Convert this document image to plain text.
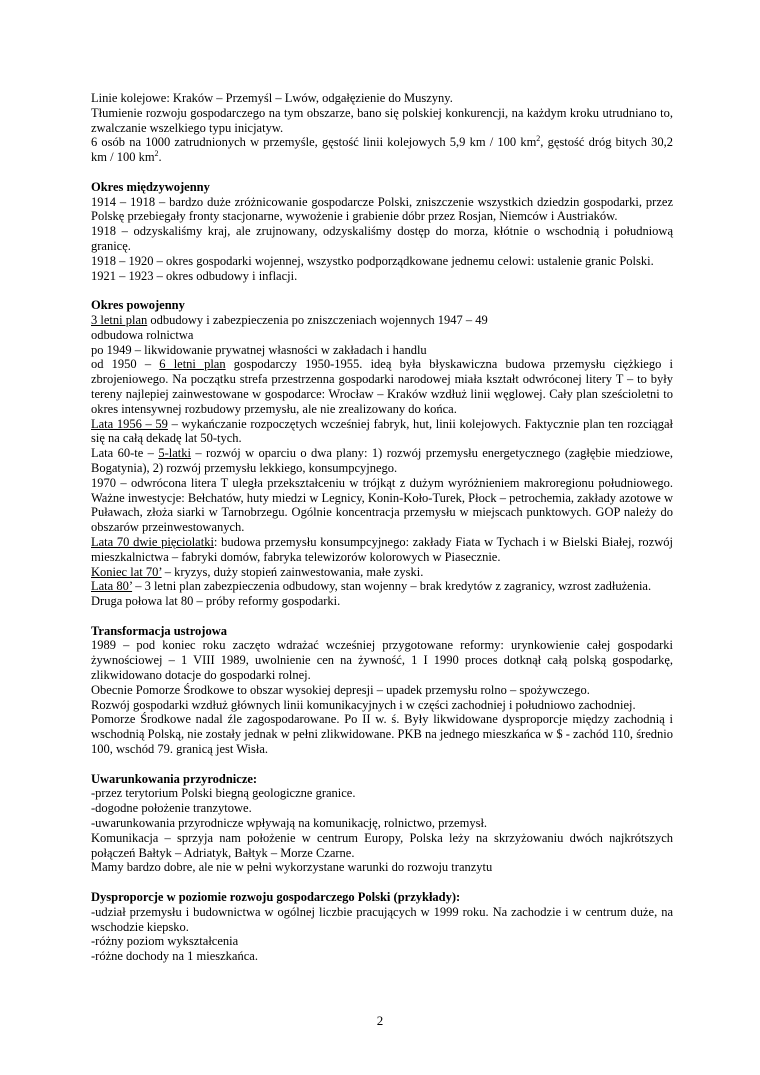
Linie kolejowe: Kraków – Przemyśl – Lwów, odgałęzienie do Muszyny.

Tłumienie rozwoju gospodarczego na tym obszarze, bano się polskiej konkurencji, na każdym kroku utrudniano to, zwalczanie wszelkiego typu inicjatyw.

6 osób na 1000 zatrudnionych w przemyśle, gęstość linii kolejowych 5,9 km / 100 $km^2$, gęstość dróg bitych 30,2 km / 100 $km^2$.

Okres międzywojenny

1914 – 1918 – bardzo duże zróżnicowanie gospodarcze Polski, zniszczenie wszystkich dziedzin gospodarki, przez Polskę przebiegały fronty stacjonarne, wywożenie i grabienie dóbr przez Rosjan, Niemców i Austriaków.

1918 – odzyskaliśmy kraj, ale zrujnowany, odzyskaliśmy dostęp do morza, kłótnie o wschodnią i południową granicę.

1918 – 1920 – okres gospodarki wojennej, wszystko podporządkowane jednemu celowi: ustalenie granic Polski.

1921 – 1923 – okres odbudowy i inflacji.

Okres powojenny

3 letni plan odbudowy i zabezpieczenia po zniszczeniach wojennych 1947 – 49

odbudowa rolnictwa

po 1949 – likwidowanie prywatnej własności w zakładach i handlu

od 1950 – 6 letni plan gospodarczy 1950-1955. ideą była błyskawiczna budowa przemysłu ciężkiego i zbrojeniowego. Na początku strefa przestrzenna gospodarki narodowej miała kształt odwróconej litery T – to były tereny najlepiej zainwestowane w gospodarce: Wrocław – Kraków wzdłuż linii węglowej. Cały plan sześcioletni to okres intensywnej rozbudowy przemysłu, ale nie zrealizowany do końca.

Lata 1956 – 59 – wykańczanie rozpoczętych wcześniej fabryk, hut, linii kolejowych. Faktycznie plan ten rozciągał się na całą dekadę lat 50-tych.

Lata 60-te – 5-latki – rozwój w oparciu o dwa plany: 1) rozwój przemysłu energetycznego (zagłębie miedziowe, Bogatynia), 2) rozwój przemysłu lekkiego, konsumpcyjnego.

1970 – odwrócona litera T uległa przekształceniu w trójkąt z dużym wyróżnieniem makroregionu południowego. Ważne inwestycje: Bełchatów, huty miedzi w Legnicy, Konin-Koło-Turek, Płock – petrochemia, zakłady azotowe w Puławach, złoża siarki w Tarnobrzegu. Ogólnie koncentracja przemysłu w miejscach punktowych. GOP należy do obszarów przeinwestowanych.

Lata 70 dwie pięciolatki: budowa przemysłu konsumpcyjnego: zakłady Fiata w Tychach i w Bielski Białej, rozwój mieszkalnictwa – fabryki domów, fabryka telewizorów kolorowych w Piasecznie.

Koniec lat 70’ – kryzys, duży stopień zainwestowania, małe zyski.

Lata 80’ – 3 letni plan zabezpieczenia odbudowy, stan wojenny – brak kredytów z zagranicy, wzrost zadłużenia.

Druga połowa lat 80 – próby reformy gospodarki.

Transformacja ustrojowa

1989 – pod koniec roku zaczęto wdrażać wcześniej przygotowane reformy: urynkowienie całej gospodarki żywnościowej – 1 VIII 1989, uwolnienie cen na żywność, 1 I 1990 proces dotknął całą polską gospodarkę, zlikwidowano dotacje do gospodarki rolnej.

Obecnie Pomorze Środkowe to obszar wysokiej depresji – upadek przemysłu rolno – spożywczego.

Rozwój gospodarki wzdłuż głównych linii komunikacyjnych i w części zachodniej i południowo zachodniej.

Pomorze Środkowe nadal źle zagospodarowane. Po II w. ś. Były likwidowane dysproporcje między zachodnią i wschodnią Polską, nie zostały jednak w pełni zlikwidowane. PKB na jednego mieszkańca w $ - zachód 110, średnio 100, wschód 79. granicą jest Wisła.

Uwarunkowania przyrodnicze:

-przez terytorium Polski biegną geologiczne granice.

-dogodne położenie tranzytowe.

-uwarunkowania przyrodnicze wpływają na komunikację, rolnictwo, przemysł.

Komunikacja – sprzyja nam położenie w centrum Europy, Polska leży na skrzyżowaniu dwóch najkrótszych połączeń Bałtyk – Adriatyk, Bałtyk – Morze Czarne.

Mamy bardzo dobre, ale nie w pełni wykorzystane warunki do rozwoju tranzytu

Dysproporcje w poziomie rozwoju gospodarczego Polski (przykłady):

-udział przemysłu i budownictwa w ogólnej liczbie pracujących w 1999 roku. Na zachodzie i w centrum duże, na wschodzie kiepsko.

-różny poziom wykształcenia

-różne dochody na 1 mieszkańca.

2
